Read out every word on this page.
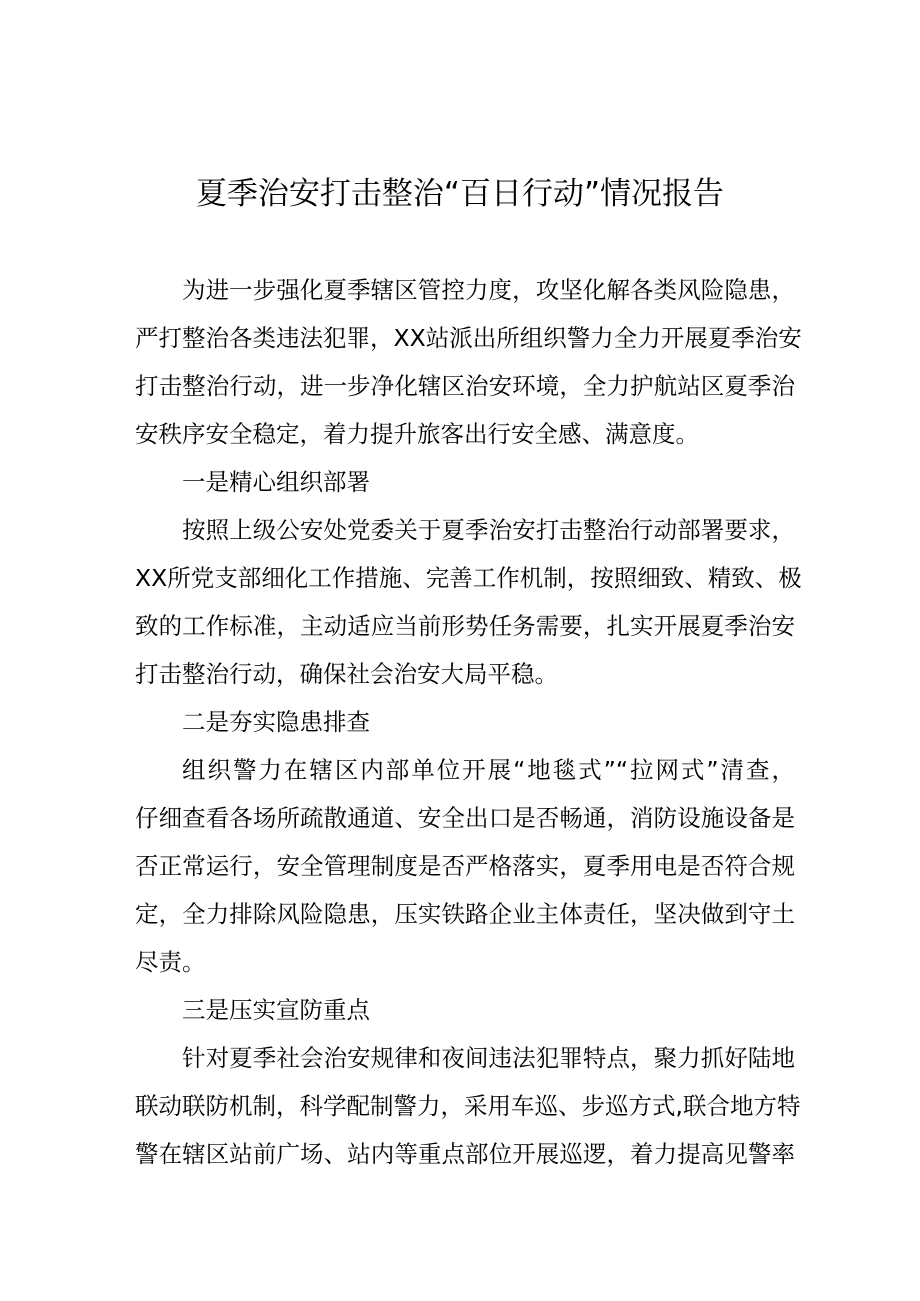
夏季治安打击整治“百日行动”情况报告
为进一步强化夏季辖区管控力度，攻坚化解各类风险隐患，
严打整治各类违法犯罪，XX站派出所组织警力全力开展夏季治安
打击整治行动，进一步净化辖区治安环境，全力护航站区夏季治
安秩序安全稳定，着力提升旅客出行安全感、满意度。
一是精心组织部署
按照上级公安处党委关于夏季治安打击整治行动部署要求，
XX所党支部细化工作措施、完善工作机制，按照细致、精致、极
致的工作标准，主动适应当前形势任务需要，扎实开展夏季治安
打击整治行动，确保社会治安大局平稳。
二是夯实隐患排查
组织警力在辖区内部单位开展“地毯式”“拉网式”清查，
仔细查看各场所疏散通道、安全出口是否畅通，消防设施设备是
否正常运行，安全管理制度是否严格落实，夏季用电是否符合规
定，全力排除风险隐患，压实铁路企业主体责任，坚决做到守土
尽责。
三是压实宣防重点
针对夏季社会治安规律和夜间违法犯罪特点，聚力抓好陆地
联动联防机制，科学配制警力，采用车巡、步巡方式,联合地方特
警在辖区站前广场、站内等重点部位开展巡逻，着力提高见警率
